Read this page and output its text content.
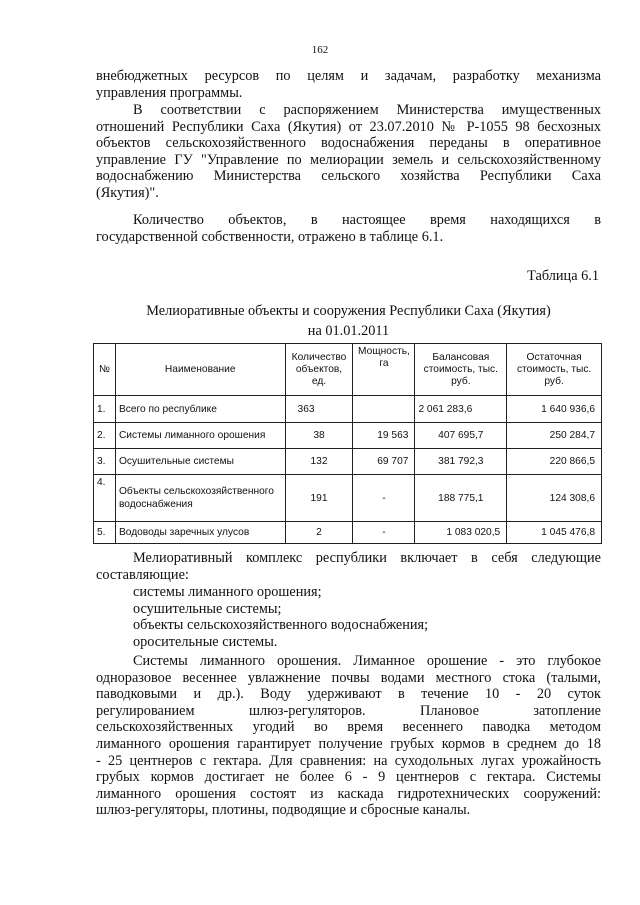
162
внебюджетных ресурсов по целям и задачам, разработку механизма
управления программы.
В соответствии с распоряжением Министерства имущественных
отношений Республики Саха (Якутия) от 23.07.2010 № Р-1055 98 бесхозных
объектов сельскохозяйственного водоснабжения переданы в оперативное
управление ГУ "Управление по мелиорации земель и сельскохозяйственному
водоснабжению Министерства сельского хозяйства Республики Саха
(Якутия)".
Количество объектов, в настоящее время находящихся в
государственной собственности, отражено в таблице 6.1.
Таблица 6.1
Мелиоративные объекты и сооружения Республики Саха (Якутия)
на 01.01.2011
№	Наименование	Количество объектов, ед.	Мощность, га	Балансовая стоимость, тыс. руб.	Остаточная стоимость, тыс. руб.
1.	Всего по республике	363		2 061 283,6	1 640 936,6
2.	Системы лиманного орошения	38	19 563	407 695,7	250 284,7
3.	Осушительные системы	132	69 707	381 792,3	220 866,5
4.	Объекты сельскохозяйственного водоснабжения	191	-	188 775,1	124 308,6
5.	Водоводы заречных улусов	2	-	1 083 020,5	1 045 476,8
Мелиоративный комплекс республики включает в себя следующие
составляющие:
системы лиманного орошения;
осушительные системы;
объекты сельскохозяйственного водоснабжения;
оросительные системы.
Системы лиманного орошения. Лиманное орошение - это глубокое
одноразовое весеннее увлажнение почвы водами местного стока (талыми,
паводковыми и др.). Воду удерживают в течение 10 - 20 суток
регулированием шлюз-регуляторов. Плановое затопление
сельскохозяйственных угодий во время весеннего паводка методом
лиманного орошения гарантирует получение грубых кормов в среднем до 18
- 25 центнеров с гектара. Для сравнения: на суходольных лугах урожайность
грубых кормов достигает не более 6 - 9 центнеров с гектара. Системы
лиманного орошения состоят из каскада гидротехнических сооружений:
шлюз-регуляторы, плотины, подводящие и сбросные каналы.
